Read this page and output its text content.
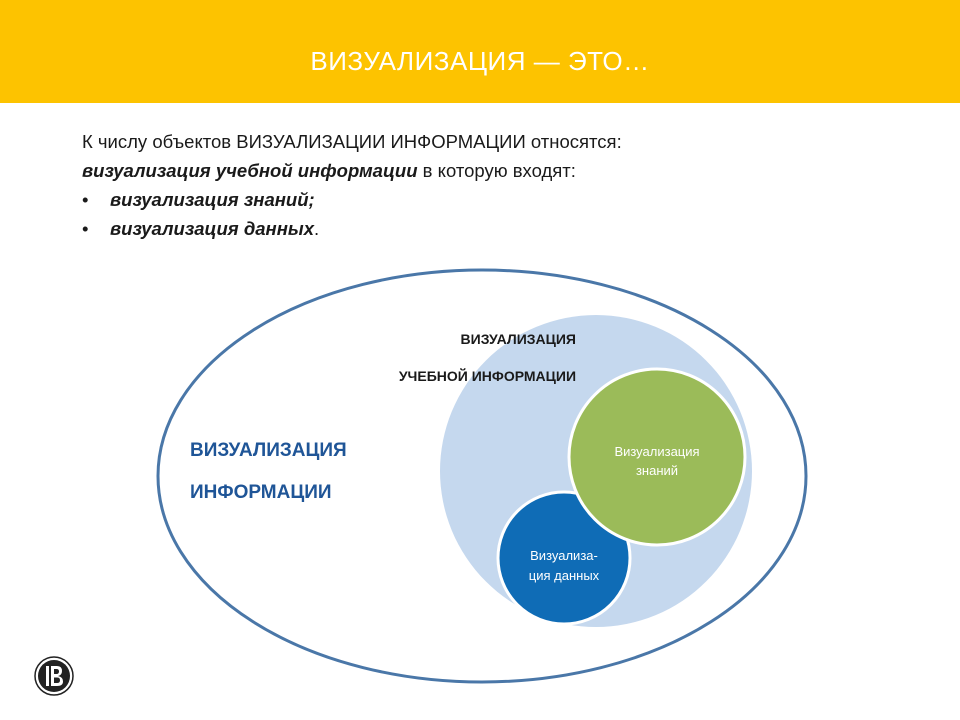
ВИЗУАЛИЗАЦИЯ — ЭТО…
К числу объектов ВИЗУАЛИЗАЦИИ ИНФОРМАЦИИ относятся:
визуализация учебной информации в которую входят:
• визуализация знаний;
• визуализация данных.
ВИЗУАЛИЗАЦИЯ
УЧЕБНОЙ ИНФОРМАЦИИ
ВИЗУАЛИЗАЦИЯ
ИНФОРМАЦИИ
Визуализация
знаний
Визуализа-
ция данных
